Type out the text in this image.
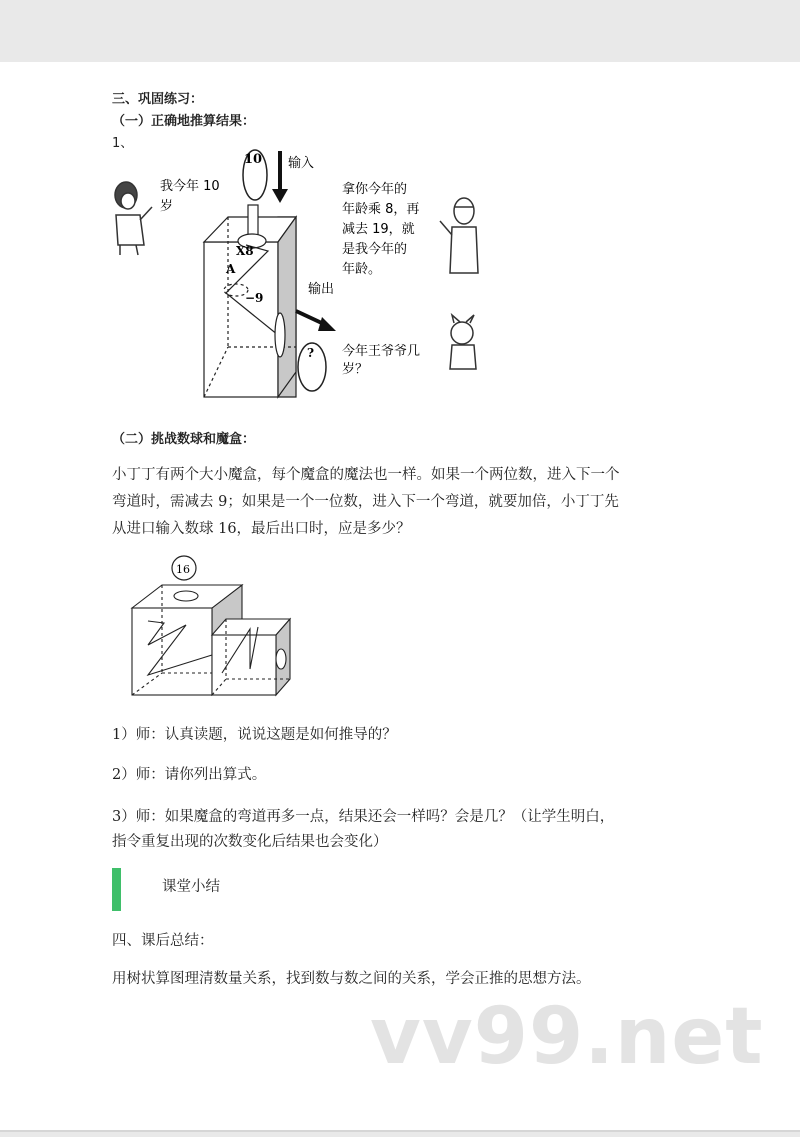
三、巩固练习：
（一）正确地推算结果：
1、
我今年 10
岁
10 输入
X8
A
−9
输出
?
拿你今年的
年龄乘 8，再
减去 19，就
是我今年的
年龄。
今年王爷爷几
岁？
（二）挑战数球和魔盒：
小丁丁有两个大小魔盒，每个魔盒的魔法也一样。如果一个两位数，进入下一个
弯道时，需减去 9；如果是一个一位数，进入下一个弯道，就要加倍，小丁丁先
从进口输入数球 16，最后出口时，应是多少？
16
1）师：认真读题，说说这题是如何推导的？
2）师：请你列出算式。
3）师：如果魔盒的弯道再多一点，结果还会一样吗？会是几？（让学生明白，
指令重复出现的次数变化后结果也会变化）
课堂小结
四、课后总结：
用树状算图理清数量关系，找到数与数之间的关系，学会正推的思想方法。
vv99.net
